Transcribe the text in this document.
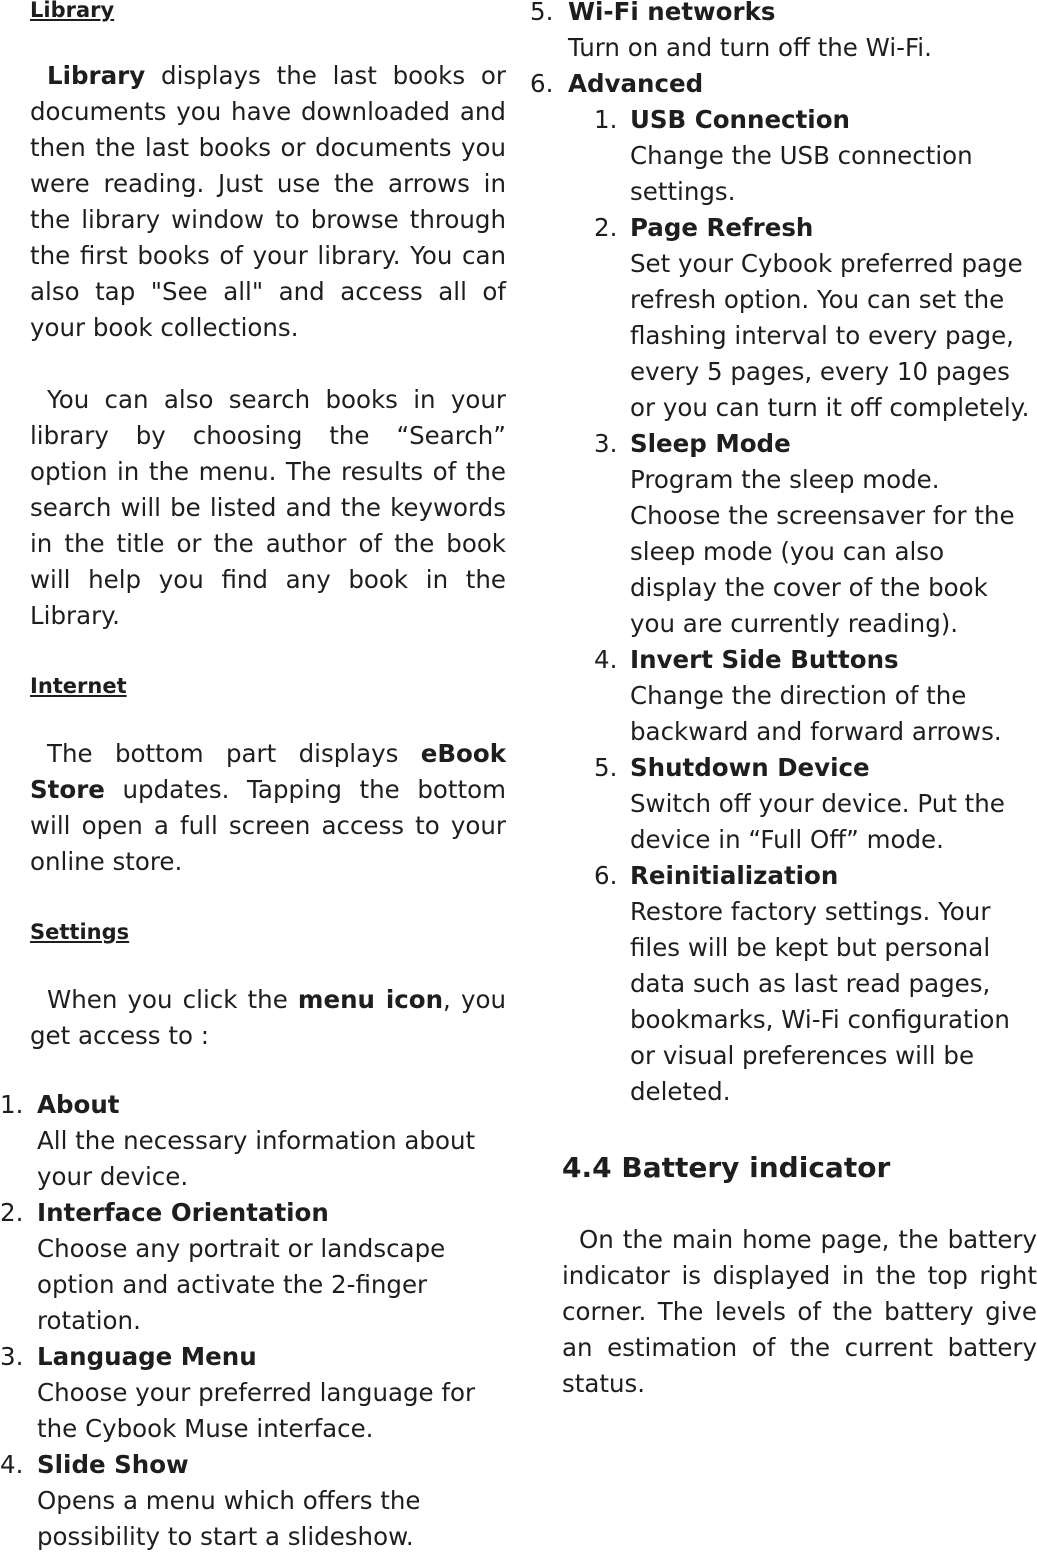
Library

Library displays the last books or documents you have downloaded and then the last books or documents you were reading. Just use the arrows in the library window to browse through the first books of your library. You can also tap "See all" and access all of your book collections.

You can also search books in your library by choosing the “Search” option in the menu. The results of the search will be listed and the keywords in the title or the author of the book will help you find any book in the Library.

Internet

The bottom part displays eBook Store updates. Tapping the bottom will open a full screen access to your online store.

Settings

When you click the menu icon, you get access to :

1. About
All the necessary information about your device.
2. Interface Orientation
Choose any portrait or landscape option and activate the 2-finger rotation.
3. Language Menu
Choose your preferred language for the Cybook Muse interface.
4. Slide Show
Opens a menu which offers the possibility to start a slideshow.
5. Wi-Fi networks
Turn on and turn off the Wi-Fi.
6. Advanced
1. USB Connection
Change the USB connection settings.
2. Page Refresh
Set your Cybook preferred page refresh option. You can set the flashing interval to every page, every 5 pages, every 10 pages or you can turn it off completely.
3. Sleep Mode
Program the sleep mode. Choose the screensaver for the sleep mode (you can also display the cover of the book you are currently reading).
4. Invert Side Buttons
Change the direction of the backward and forward arrows.
5. Shutdown Device
Switch off your device. Put the device in “Full Off” mode.
6. Reinitialization
Restore factory settings. Your files will be kept but personal data such as last read pages, bookmarks, Wi-Fi configuration or visual preferences will be deleted.
4.4 Battery indicator

On the main home page, the battery indicator is displayed in the top right corner. The levels of the battery give an estimation of the current battery status.
